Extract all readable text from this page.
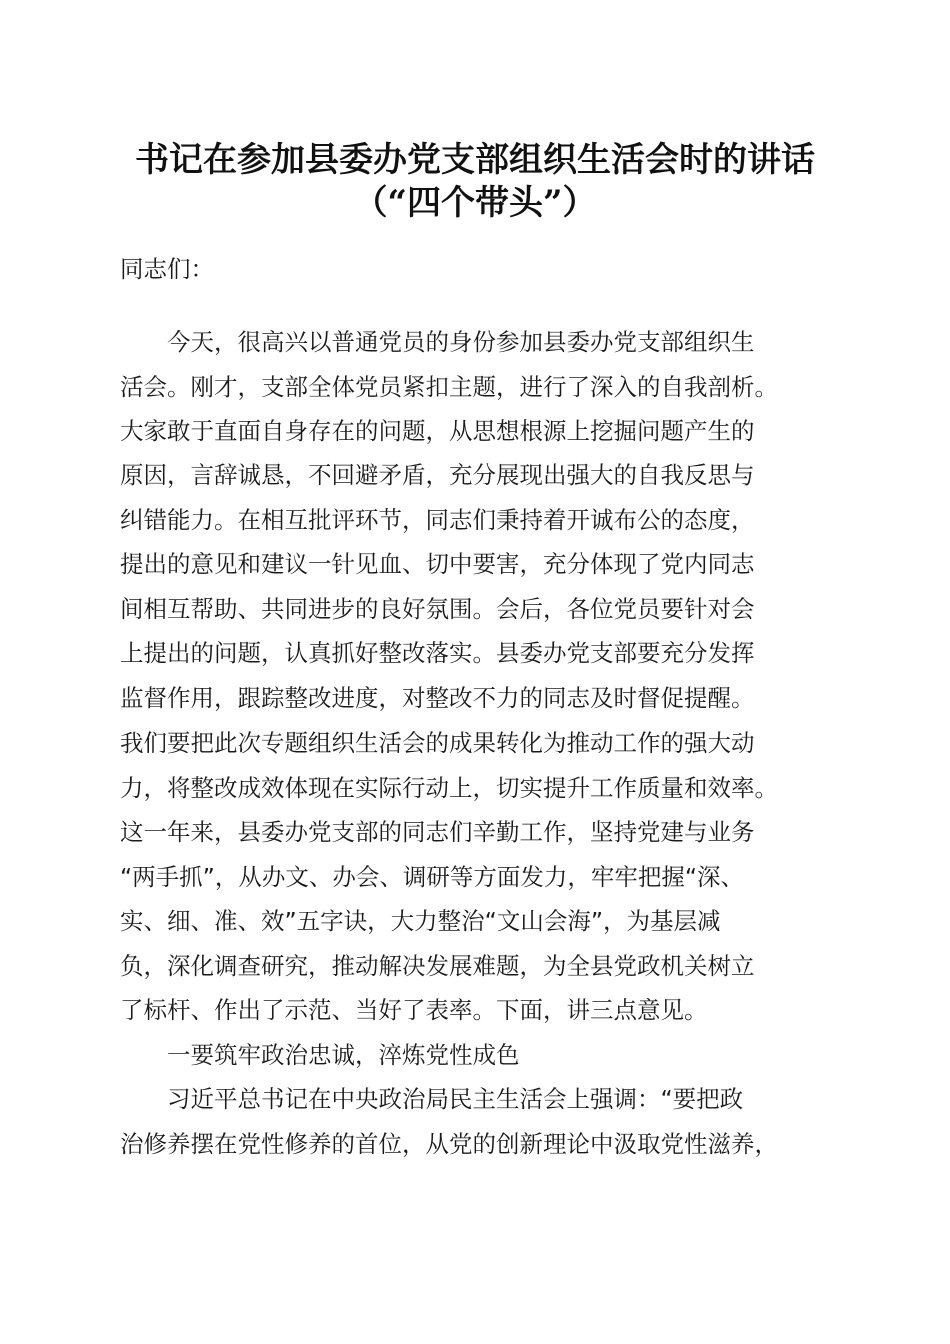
书记在参加县委办党支部组织生活会时的讲话
（“四个带头”）
同志们：
　　今天，很高兴以普通党员的身份参加县委办党支部组织生
活会。刚才，支部全体党员紧扣主题，进行了深入的自我剖析。
大家敢于直面自身存在的问题，从思想根源上挖掘问题产生的
原因，言辞诚恳，不回避矛盾，充分展现出强大的自我反思与
纠错能力。在相互批评环节，同志们秉持着开诚布公的态度，
提出的意见和建议一针见血、切中要害，充分体现了党内同志
间相互帮助、共同进步的良好氛围。会后，各位党员要针对会
上提出的问题，认真抓好整改落实。县委办党支部要充分发挥
监督作用，跟踪整改进度，对整改不力的同志及时督促提醒。
我们要把此次专题组织生活会的成果转化为推动工作的强大动
力，将整改成效体现在实际行动上，切实提升工作质量和效率。
这一年来，县委办党支部的同志们辛勤工作，坚持党建与业务
“两手抓”，从办文、办会、调研等方面发力，牢牢把握“深、
实、细、准、效”五字诀，大力整治“文山会海”，为基层减
负，深化调查研究，推动解决发展难题，为全县党政机关树立
了标杆、作出了示范、当好了表率。下面，讲三点意见。
　　一要筑牢政治忠诚，淬炼党性成色
　　习近平总书记在中央政治局民主生活会上强调：“要把政
治修养摆在党性修养的首位，从党的创新理论中汲取党性滋养，
